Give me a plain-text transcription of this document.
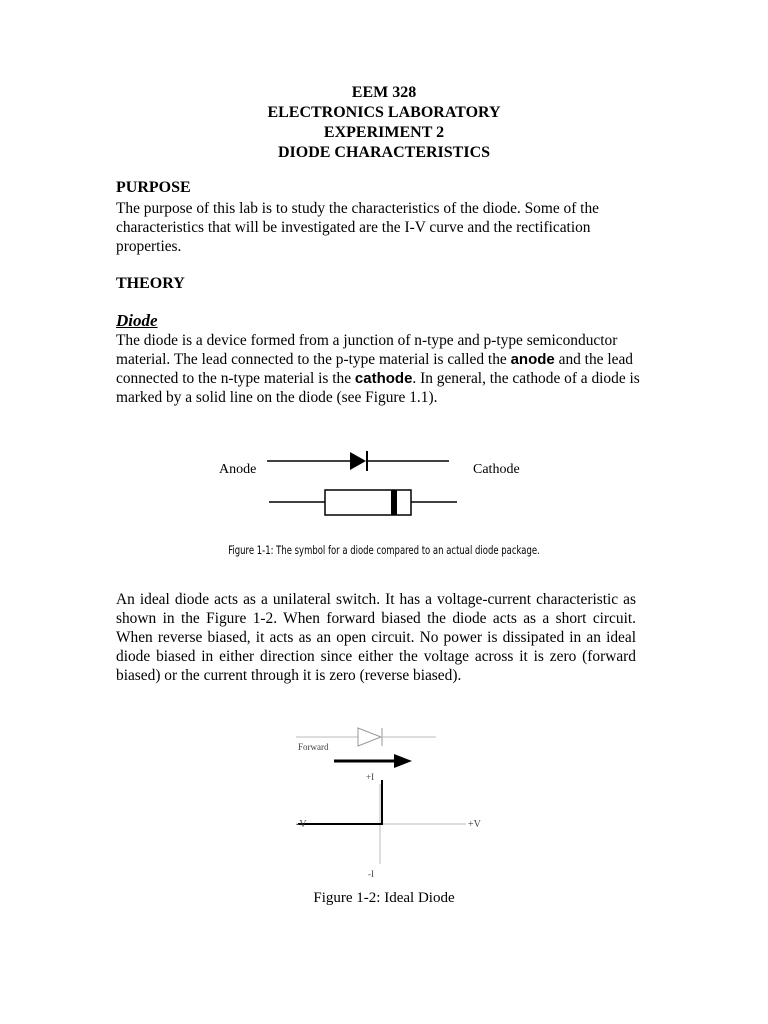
EEM 328
ELECTRONICS LABORATORY
EXPERIMENT 2
DIODE CHARACTERISTICS
PURPOSE
The purpose of this lab is to study the characteristics of the diode. Some of the characteristics that will be investigated are the I-V curve and the rectification properties.
THEORY
Diode
The diode is a device formed from a junction of n-type and p-type semiconductor material. The lead connected to the p-type material is called the anode and the lead connected to the n-type material is the cathode. In general, the cathode of a diode is marked by a solid line on the diode (see Figure 1.1).
Anode	Cathode
Figure 1-1: The symbol for a diode compared to an actual diode package.
An ideal diode acts as a unilateral switch. It has a voltage-current characteristic as shown in the Figure 1-2. When forward biased the diode acts as a short circuit. When reverse biased, it acts as an open circuit. No power is dissipated in an ideal diode biased in either direction since either the voltage across it is zero (forward biased) or the current through it is zero (reverse biased).
Forward
+I
-V	+V
-I
Figure 1-2: Ideal Diode
